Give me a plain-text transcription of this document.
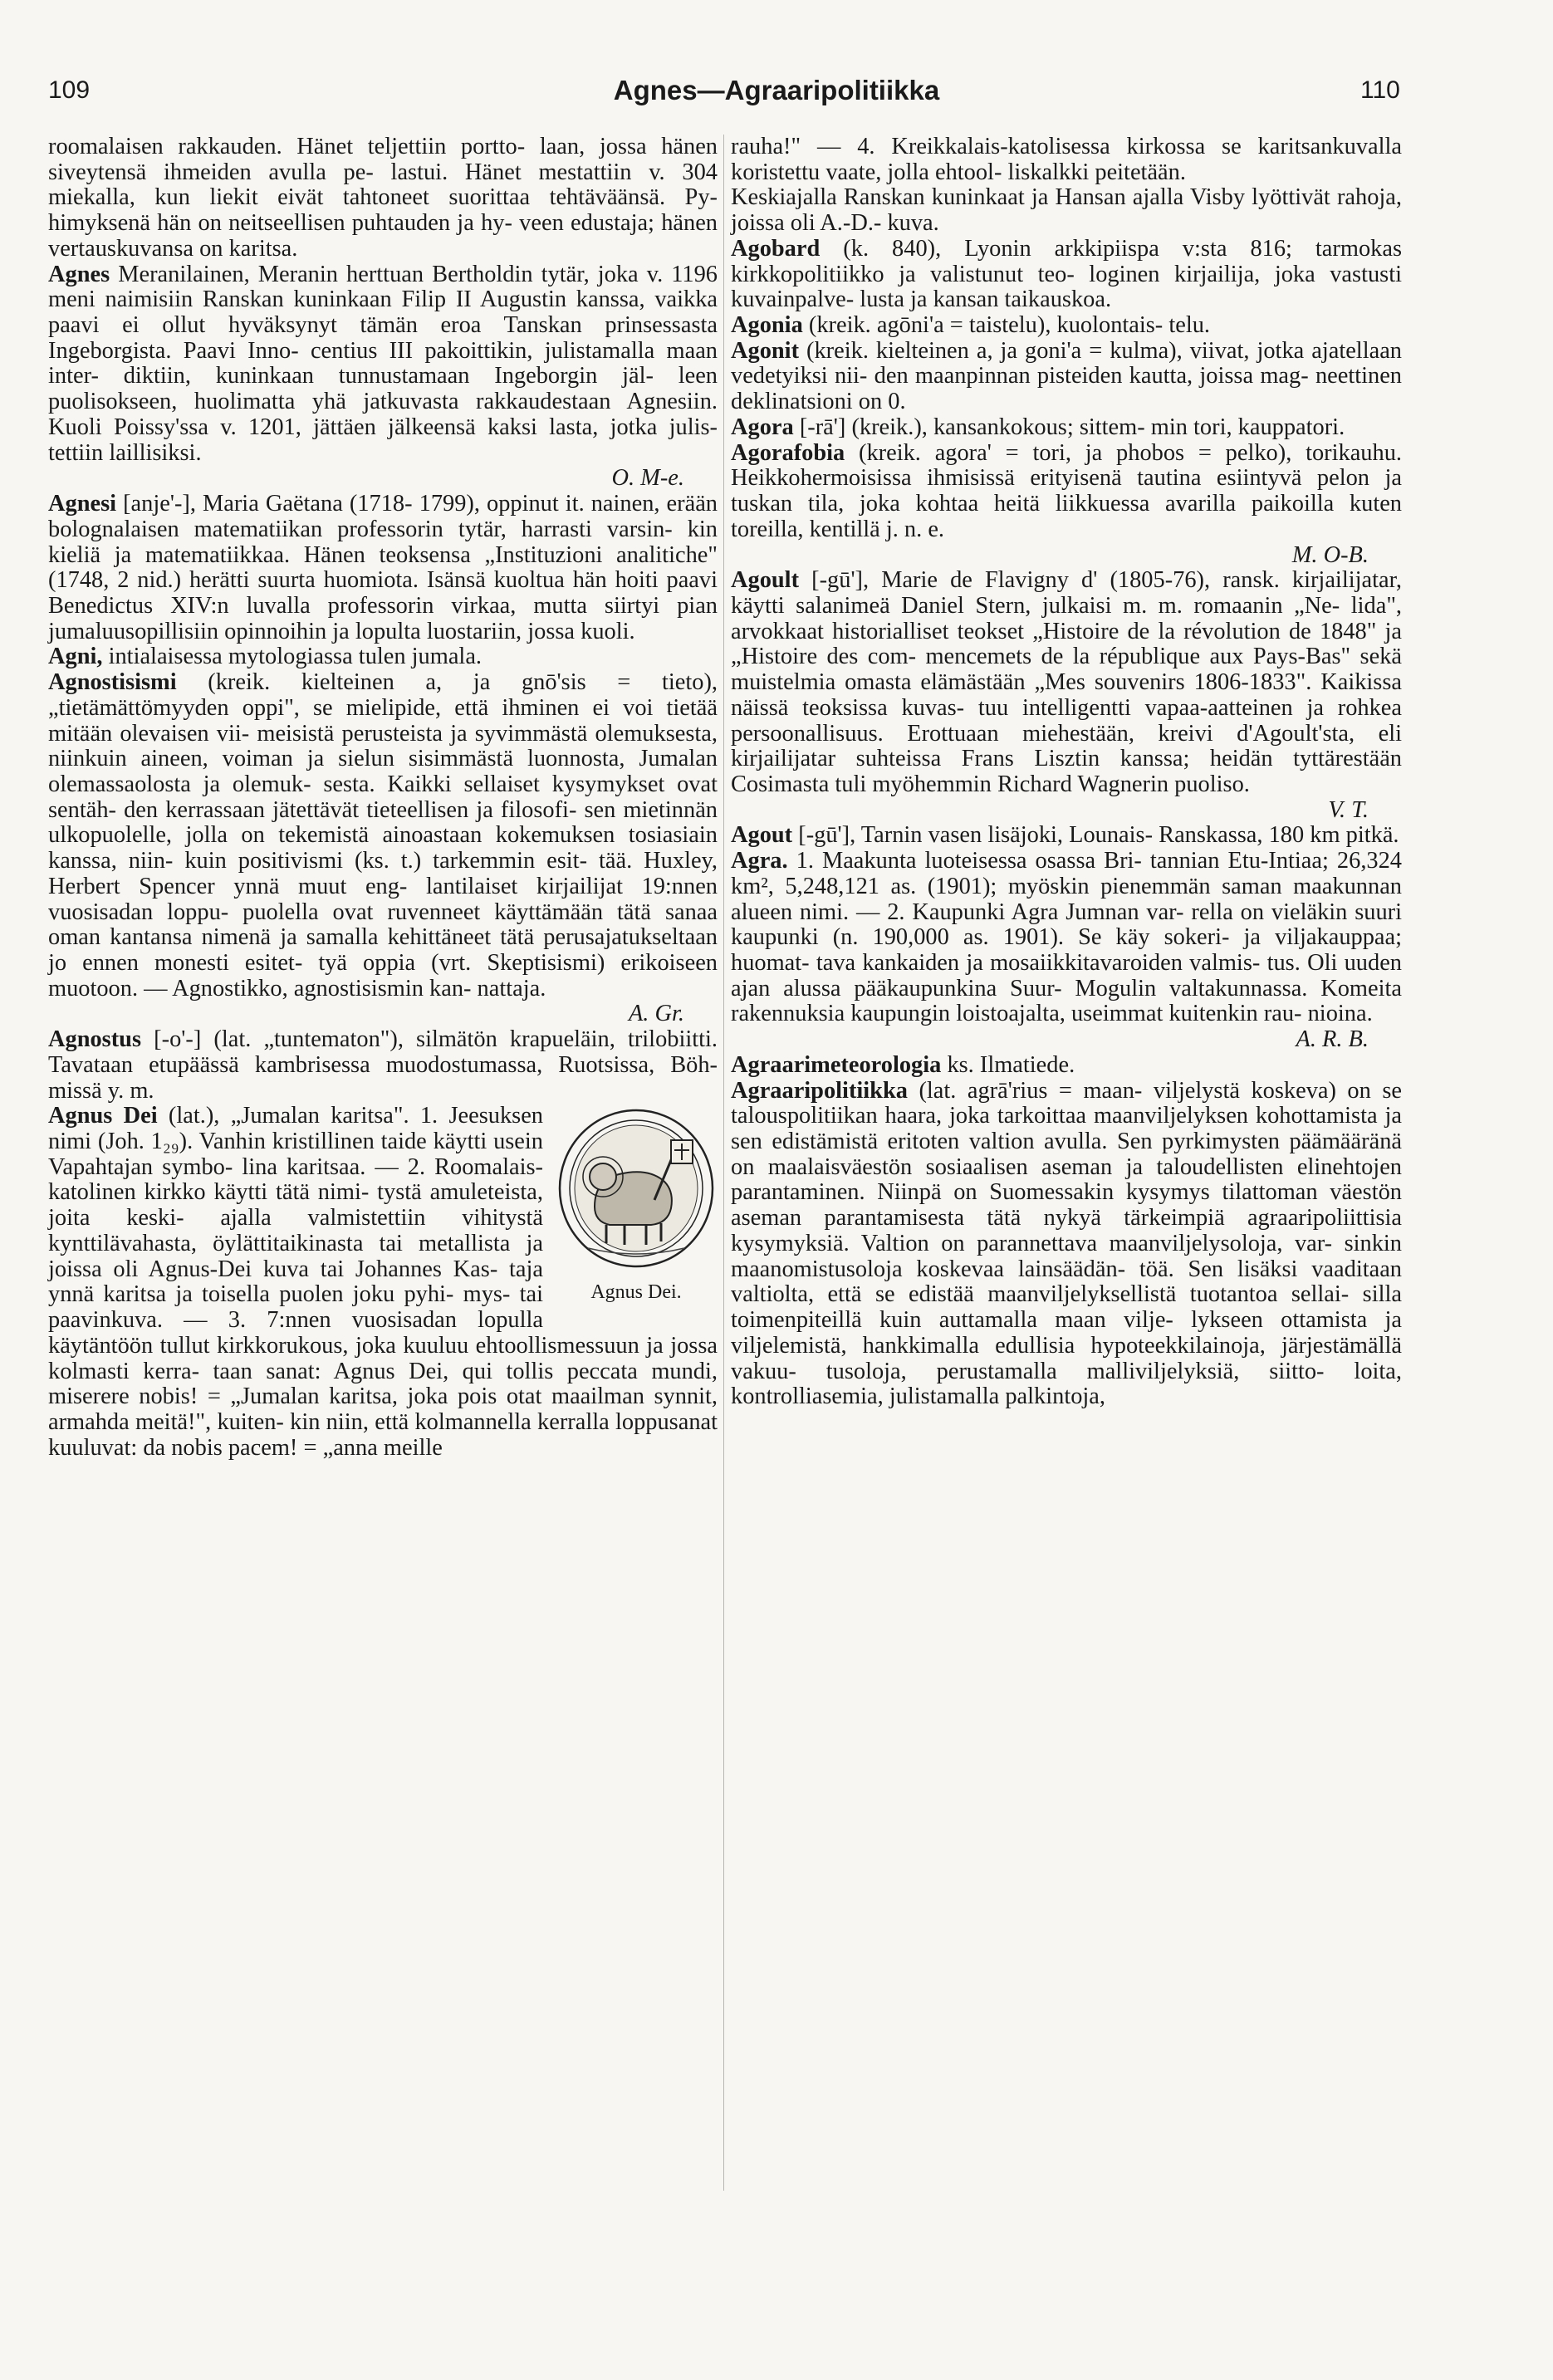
109	Agnes—Agraaripolitiikka	110

roomalaisen rakkauden. Hänet teljettiin portto- laan, jossa hänen siveytensä ihmeiden avulla pe- lastui. Hänet mestattiin v. 304 miekalla, kun liekit eivät tahtoneet suorittaa tehtäväänsä. Py- himyksenä hän on neitseellisen puhtauden ja hy- veen edustaja; hänen vertauskuvansa on karitsa.

Agnes Meranilainen, Meranin herttuan Bertholdin tytär, joka v. 1196 meni naimisiin Ranskan kuninkaan Filip II Augustin kanssa, vaikka paavi ei ollut hyväksynyt tämän eroa Tanskan prinsessasta Ingeborgista. Paavi Inno- centius III pakoittikin, julistamalla maan inter- diktiin, kuninkaan tunnustamaan Ingeborgin jäl- leen puolisokseen, huolimatta yhä jatkuvasta rakkaudestaan Agnesiin. Kuoli Poissy'ssa v. 1201, jättäen jälkeensä kaksi lasta, jotka julis- tettiin laillisiksi.
O. M-e.

Agnesi [anje'-], Maria Gaëtana (1718- 1799), oppinut it. nainen, erään bolognalaisen matematiikan professorin tytär, harrasti varsin- kin kieliä ja matematiikkaa. Hänen teoksensa „Instituzioni analitiche" (1748, 2 nid.) herätti suurta huomiota. Isänsä kuoltua hän hoiti paavi Benedictus XIV:n luvalla professorin virkaa, mutta siirtyi pian jumaluusopillisiin opinnoihin ja lopulta luostariin, jossa kuoli.

Agni, intialaisessa mytologiassa tulen jumala.

Agnostisismi (kreik. kielteinen a, ja gnō'sis = tieto), „tietämättömyyden oppi", se mielipide, että ihminen ei voi tietää mitään olevaisen vii- meisistä perusteista ja syvimmästä olemuksesta, niinkuin aineen, voiman ja sielun sisimmästä luonnosta, Jumalan olemassaolosta ja olemuk- sesta. Kaikki sellaiset kysymykset ovat sentäh- den kerrassaan jätettävät tieteellisen ja filosofi- sen mietinnän ulkopuolelle, jolla on tekemistä ainoastaan kokemuksen tosiasiain kanssa, niin- kuin positivismi (ks. t.) tarkemmin esit- tää. Huxley, Herbert Spencer ynnä muut eng- lantilaiset kirjailijat 19:nnen vuosisadan loppu- puolella ovat ruvenneet käyttämään tätä sanaa oman kantansa nimenä ja samalla kehittäneet tätä perusajatukseltaan jo ennen monesti esitet- tyä oppia (vrt. Skeptisismi) erikoiseen muotoon. — Agnostikko, agnostisismin kan- nattaja.
A. Gr.

Agnostus [-o'-] (lat. „tuntematon"), silmätön krapueläin, trilobiitti. Tavataan etupäässä kambrisessa muodostumassa, Ruotsissa, Böh- missä y. m.

Agnus Dei.

Agnus Dei (lat.), „Jumalan karitsa". 1. Jeesuksen nimi (Joh. 1₂₉). Vanhin kristillinen taide käytti usein Vapahtajan symbo- lina karitsaa. — 2. Roomalais- katolinen kirkko käytti tätä nimi- tystä amuleteista, joita keski- ajalla valmistettiin vihitystä kynttilävahasta, öylättitaikinasta tai metallista ja joissa oli Agnus-Dei kuva tai Johannes Kas- taja ynnä karitsa ja toisella puolen joku pyhi- mys- tai paavinkuva. — 3. 7:nnen vuosisadan lopulla käytäntöön tullut kirkkorukous, joka kuuluu ehtoollismessuun ja jossa kolmasti kerra- taan sanat: Agnus Dei, qui tollis peccata mundi, miserere nobis! = „Jumalan karitsa, joka pois otat maailman synnit, armahda meitä!", kuiten- kin niin, että kolmannella kerralla loppusanat kuuluvat: da nobis pacem! = „anna meille

rauha!" — 4. Kreikkalais-katolisessa kirkossa se karitsankuvalla koristettu vaate, jolla ehtool- liskalkki peitetään.

Keskiajalla Ranskan kuninkaat ja Hansan ajalla Visby lyöttivät rahoja, joissa oli A.-D.- kuva.

Agobard (k. 840), Lyonin arkkipiispa v:sta 816; tarmokas kirkkopolitiikko ja valistunut teo- loginen kirjailija, joka vastusti kuvainpalve- lusta ja kansan taikauskoa.

Agonia (kreik. agōni'a = taistelu), kuolontais- telu.

Agonit (kreik. kielteinen a, ja goni'a = kulma), viivat, jotka ajatellaan vedetyiksi nii- den maanpinnan pisteiden kautta, joissa mag- neettinen deklinatsioni on 0.

Agora [-rā'] (kreik.), kansankokous; sittem- min tori, kauppatori.

Agorafobia (kreik. agora' = tori, ja phobos = pelko), torikauhu. Heikkohermoisissa ihmisissä erityisenä tautina esiintyvä pelon ja tuskan tila, joka kohtaa heitä liikkuessa avarilla paikoilla kuten toreilla, kentillä j. n. e.
M. O-B.

Agoult [-gū'], Marie de Flavigny d' (1805-76), ransk. kirjailijatar, käytti salanimeä Daniel Stern, julkaisi m. m. romaanin „Ne- lida", arvokkaat historialliset teokset „Histoire de la révolution de 1848" ja „Histoire des com- mencemets de la république aux Pays-Bas" sekä muistelmia omasta elämästään „Mes souvenirs 1806-1833". Kaikissa näissä teoksissa kuvas- tuu intelligentti vapaa-aatteinen ja rohkea persoonallisuus. Erottuaan miehestään, kreivi d'Agoult'sta, eli kirjailijatar suhteissa Frans Lisztin kanssa; heidän tyttärestään Cosimasta tuli myöhemmin Richard Wagnerin puoliso.
V. T.

Agout [-gū'], Tarnin vasen lisäjoki, Lounais- Ranskassa, 180 km pitkä.

Agra. 1. Maakunta luoteisessa osassa Bri- tannian Etu-Intiaa; 26,324 km², 5,248,121 as. (1901); myöskin pienemmän saman maakunnan alueen nimi. — 2. Kaupunki Agra Jumnan var- rella on vieläkin suuri kaupunki (n. 190,000 as. 1901). Se käy sokeri- ja viljakauppaa; huomat- tava kankaiden ja mosaiikkitavaroiden valmis- tus. Oli uuden ajan alussa pääkaupunkina Suur- Mogulin valtakunnassa. Komeita rakennuksia kaupungin loistoajalta, useimmat kuitenkin rau- nioina.
A. R. B.

Agraarimeteorologia ks. Ilmatiede.

Agraaripolitiikka (lat. agrā'rius = maan- viljelystä koskeva) on se talouspolitiikan haara, joka tarkoittaa maanviljelyksen kohottamista ja sen edistämistä eritoten valtion avulla. Sen pyrkimysten päämääränä on maalaisväestön sosiaalisen aseman ja taloudellisten elinehtojen parantaminen. Niinpä on Suomessakin kysymys tilattoman väestön aseman parantamisesta tätä nykyä tärkeimpiä agraaripoliittisia kysymyksiä. Valtion on parannettava maanviljelysoloja, var- sinkin maanomistusoloja koskevaa lainsäädän- töä. Sen lisäksi vaaditaan valtiolta, että se edistää maanviljelyksellistä tuotantoa sellai- silla toimenpiteillä kuin auttamalla maan vilje- lykseen ottamista ja viljelemistä, hankkimalla edullisia hypoteekkilainoja, järjestämällä vakuu- tusoloja, perustamalla malliviljelyksiä, siitto- loita, kontrolliasemia, julistamalla palkintoja,
